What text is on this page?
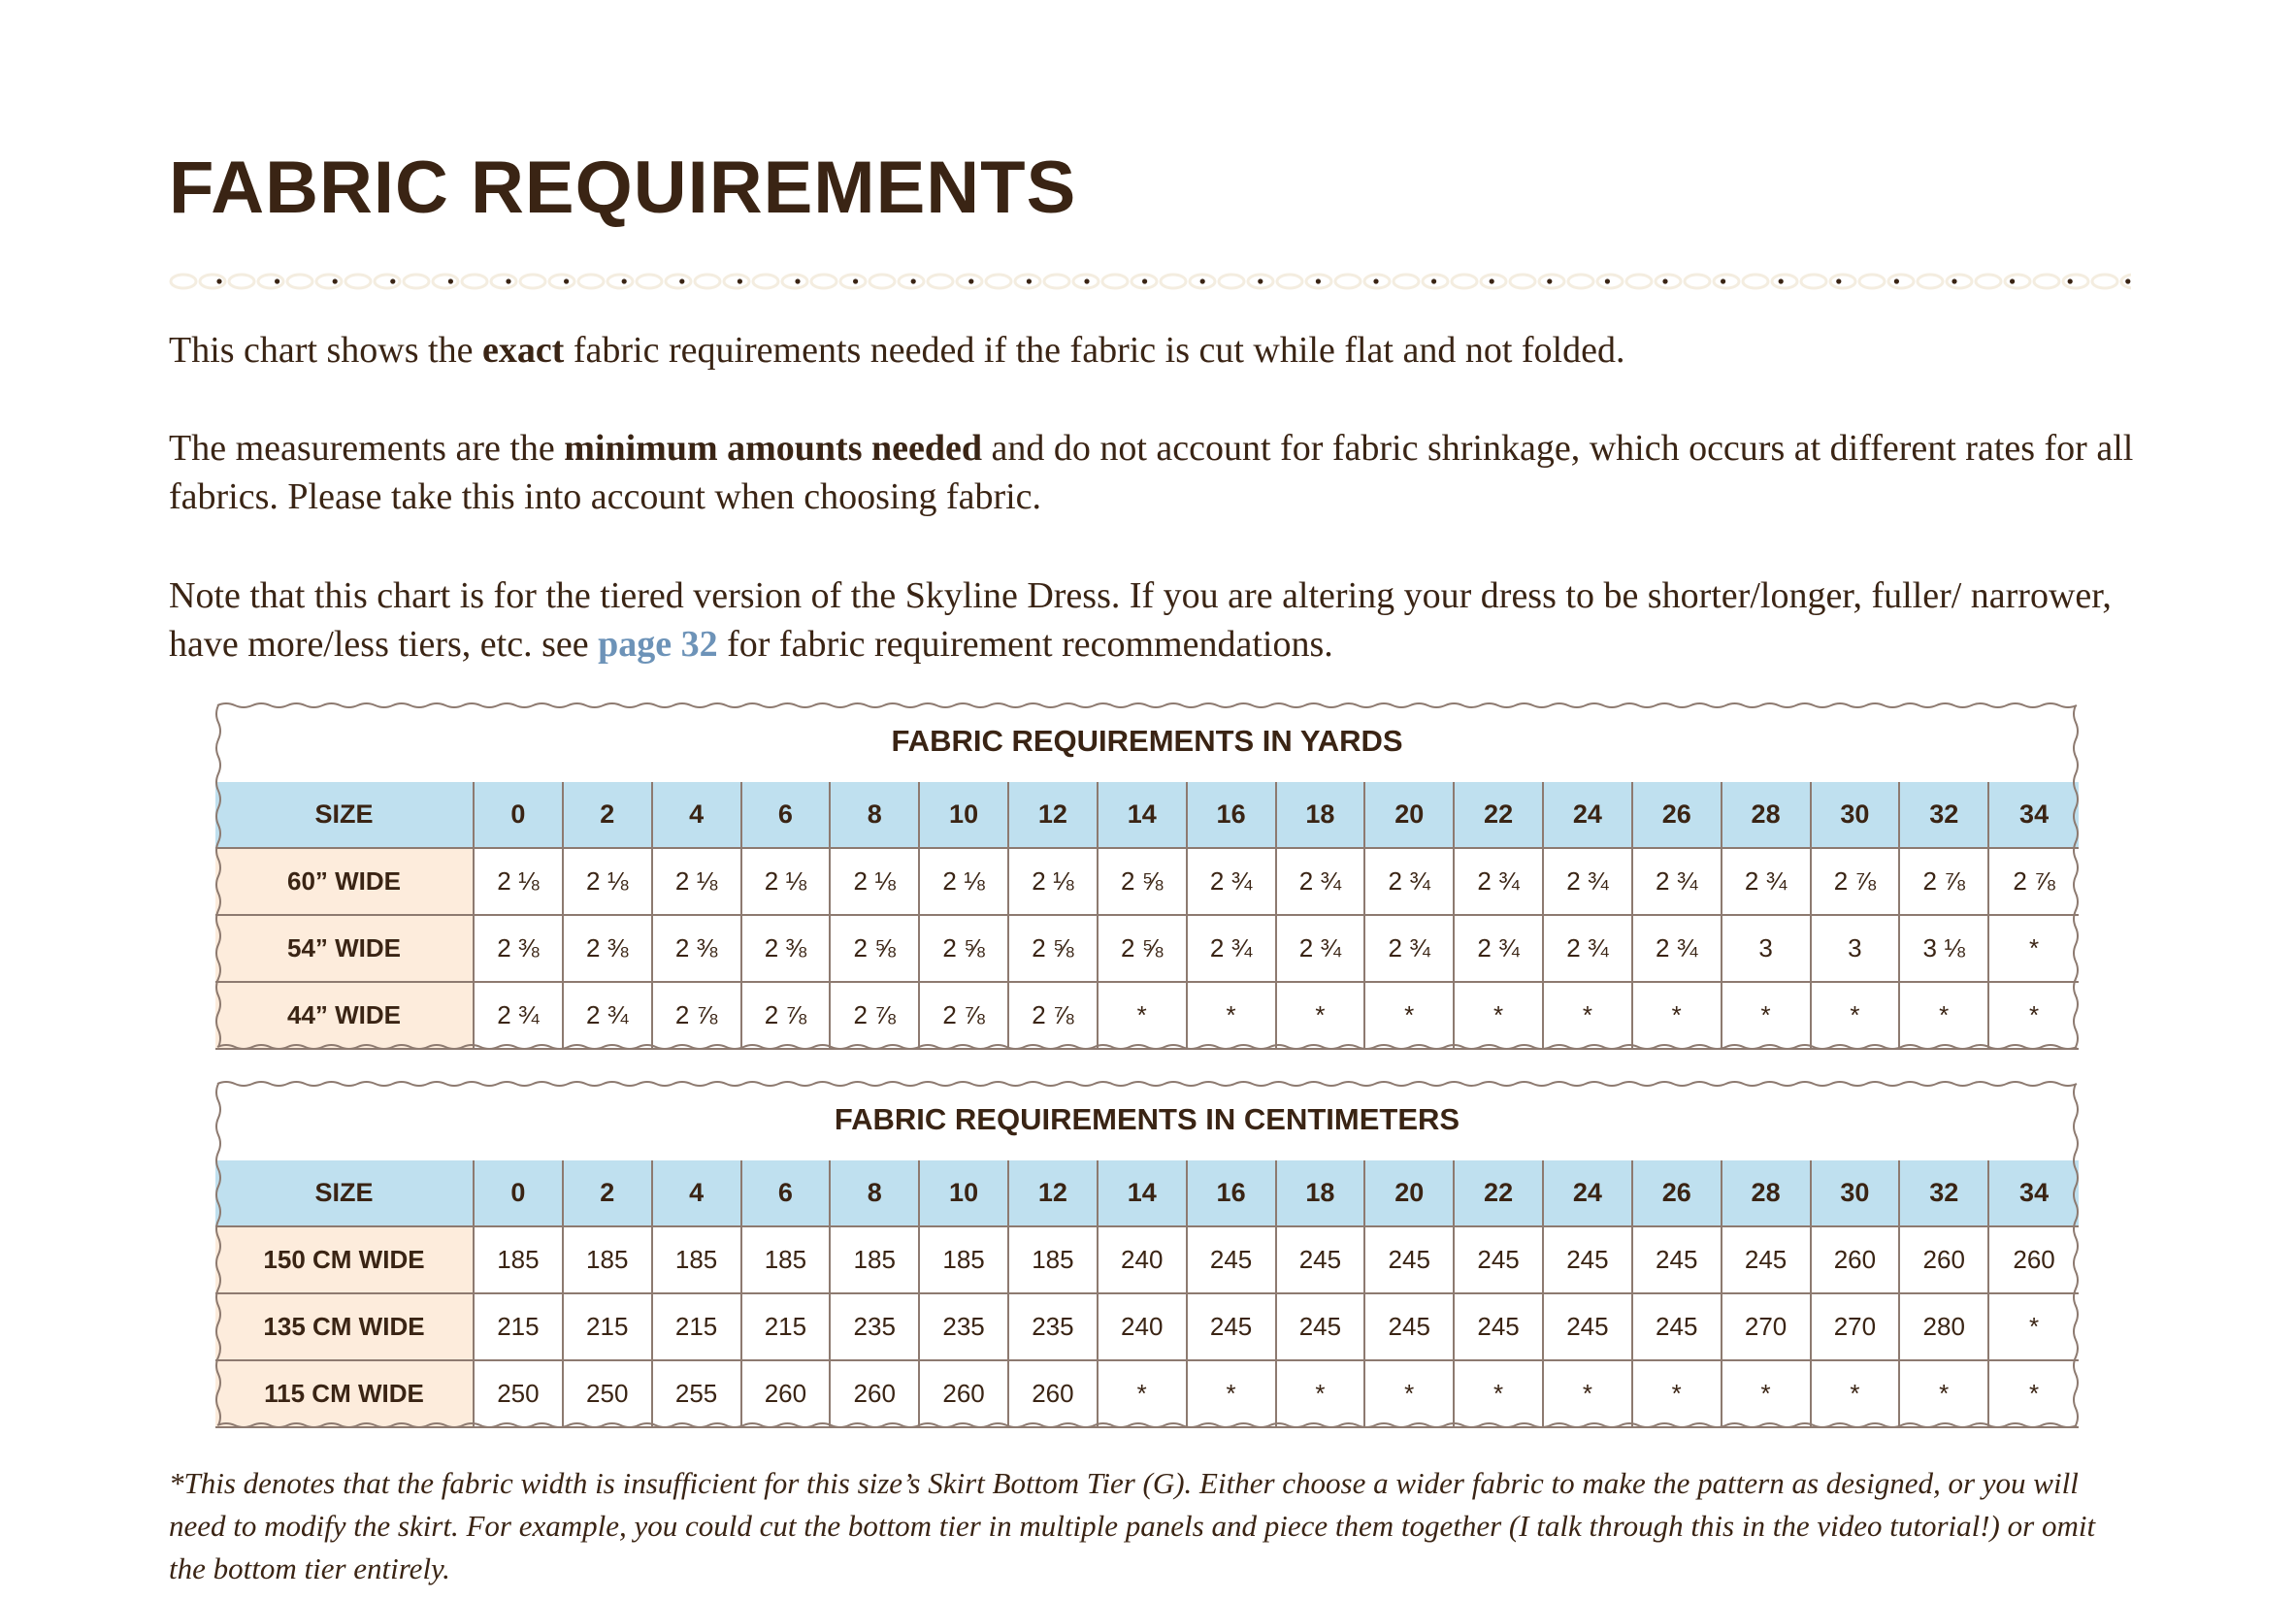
FABRIC REQUIREMENTS

This chart shows the exact fabric requirements needed if the fabric is cut while flat and not folded.

The measurements are the minimum amounts needed and do not account for fabric shrinkage, which occurs at different rates for all fabrics. Please take this into account when choosing fabric.

Note that this chart is for the tiered version of the Skyline Dress. If you are altering your dress to be shorter/longer, fuller/ narrower, have more/less tiers, etc. see page 32 for fabric requirement recommendations.

FABRIC REQUIREMENTS IN YARDS
SIZE	0	2	4	6	8	10	12	14	16	18	20	22	24	26	28	30	32	34
60” WIDE	2 ⅛	2 ⅛	2 ⅛	2 ⅛	2 ⅛	2 ⅛	2 ⅛	2 ⅝	2 ¾	2 ¾	2 ¾	2 ¾	2 ¾	2 ¾	2 ¾	2 ⅞	2 ⅞	2 ⅞
54” WIDE	2 ⅜	2 ⅜	2 ⅜	2 ⅜	2 ⅝	2 ⅝	2 ⅝	2 ⅝	2 ¾	2 ¾	2 ¾	2 ¾	2 ¾	2 ¾	3	3	3 ⅛	*
44” WIDE	2 ¾	2 ¾	2 ⅞	2 ⅞	2 ⅞	2 ⅞	2 ⅞	*	*	*	*	*	*	*	*	*	*	*
FABRIC REQUIREMENTS IN CENTIMETERS
SIZE	0	2	4	6	8	10	12	14	16	18	20	22	24	26	28	30	32	34
150 CM WIDE	185	185	185	185	185	185	185	240	245	245	245	245	245	245	245	260	260	260
135 CM WIDE	215	215	215	215	235	235	235	240	245	245	245	245	245	245	270	270	280	*
115 CM WIDE	250	250	255	260	260	260	260	*	*	*	*	*	*	*	*	*	*	*

*This denotes that the fabric width is insufficient for this size’s Skirt Bottom Tier (G). Either choose a wider fabric to make the pattern as designed, or you will need to modify the skirt. For example, you could cut the bottom tier in multiple panels and piece them together (I talk through this in the video tutorial!) or omit the bottom tier entirely.
